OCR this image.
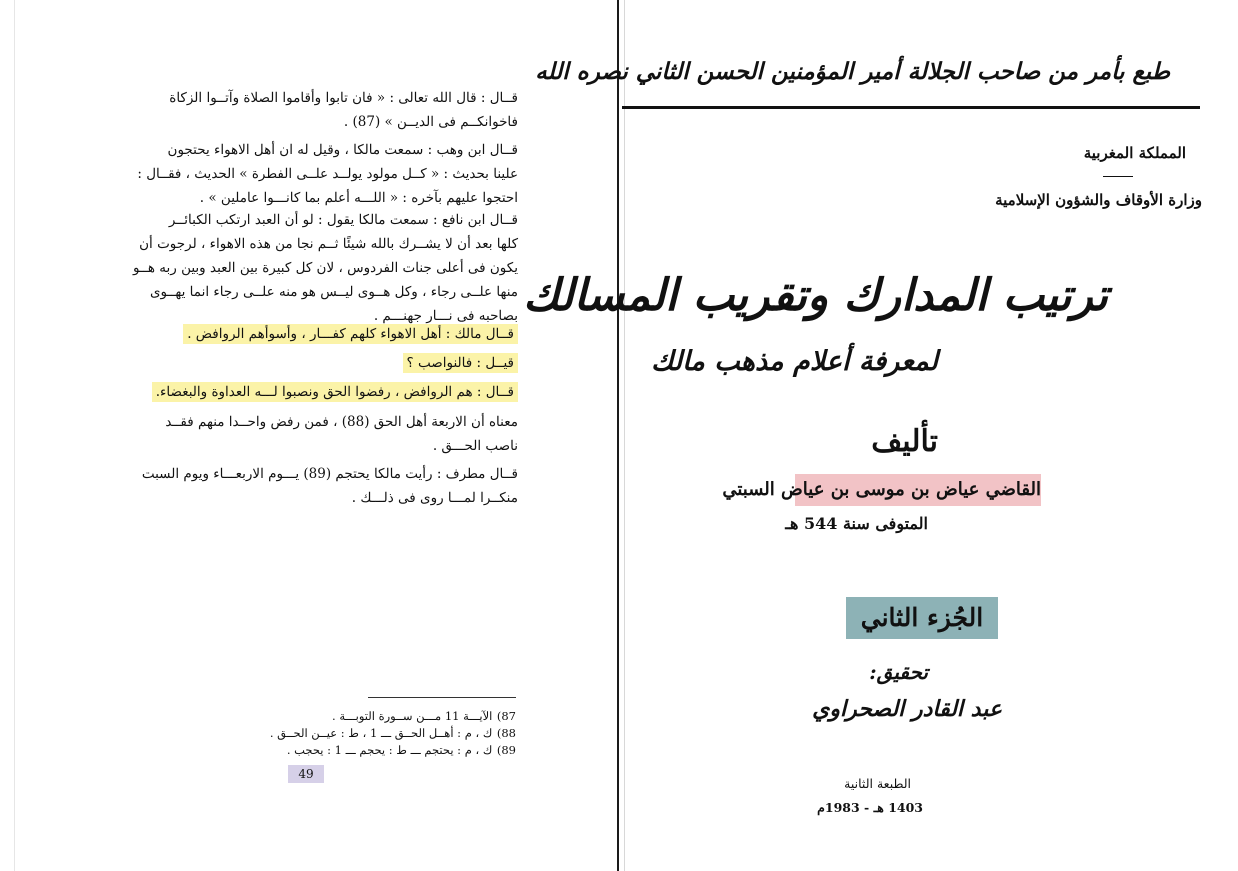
قــال : قال الله تعالى : « فان تابوا وأقاموا الصلاة وآتــوا الزكاة

فاخوانكــم فى الديــن » (87) .

قــال ابن وهب : سمعت مالكا ، وقيل له ان أهل الاهواء يحتجون

علينا بحديث : « كــل مولود يولــد علــى الفطرة » الحديث ، فقــال :

احتجوا عليهم بآخره : « اللـــه أعلم بما كانـــوا عاملين » .

قــال ابن نافع : سمعت مالكا يقول : لو أن العبد ارتكب الكبائــر

كلها بعد أن لا يشــرك بالله شيئًا ثــم نجا من هذه الاهواء ، لرجوت أن

يكون فى أعلى جنات الفردوس ، لان كل كبيرة بين العبد وبين ربه هــو

منها علــى رجاء ، وكل هــوى ليــس هو منه علــى رجاء انما يهــوى

بصاحبه فى نـــار جهنـــم .

قــال مالك : أهل الاهواء كلهم كفـــار ، وأسوأهم الروافض .

قيــل : فالنواصب ؟

قــال : هم الروافض ، رفضوا الحق ونصبوا لـــه العداوة والبغضاء.

معناه أن الاربعة أهل الحق (88) ، فمن رفض واحــدا منهم فقــد

ناصب الحـــق .

قــال مطرف : رأيت مالكا يحتجم (89) يـــوم الاربعـــاء ويوم السبت

منكــرا لمـــا روى فى ذلـــك .

87) الآيـــة 11 مـــن ســورة التوبـــة .
88) ك ، م : أهــل الحــق ـــ 1 ، ط : عيــن الحــق .
89) ك ، م : يحتجم ـــ ط : يحجم ـــ 1 : يحجب .
49
طبع بأمر من صاحب الجلالة أمير المؤمنين الحسن الثاني نصره الله
المملكة المغربية
وزارة الأوقاف والشؤون الإسلامية
ترتيب المدارك وتقريب المسالك
لمعرفة أعلام مذهب مالك
تأليف
القاضي عياض بن موسى بن عياض السبتي
المتوفى سنة 544 هـ
الجُزء الثاني
تحقيق:
عبد القادر الصحراوي
الطبعة الثانية
1403 هـ - 1983م
